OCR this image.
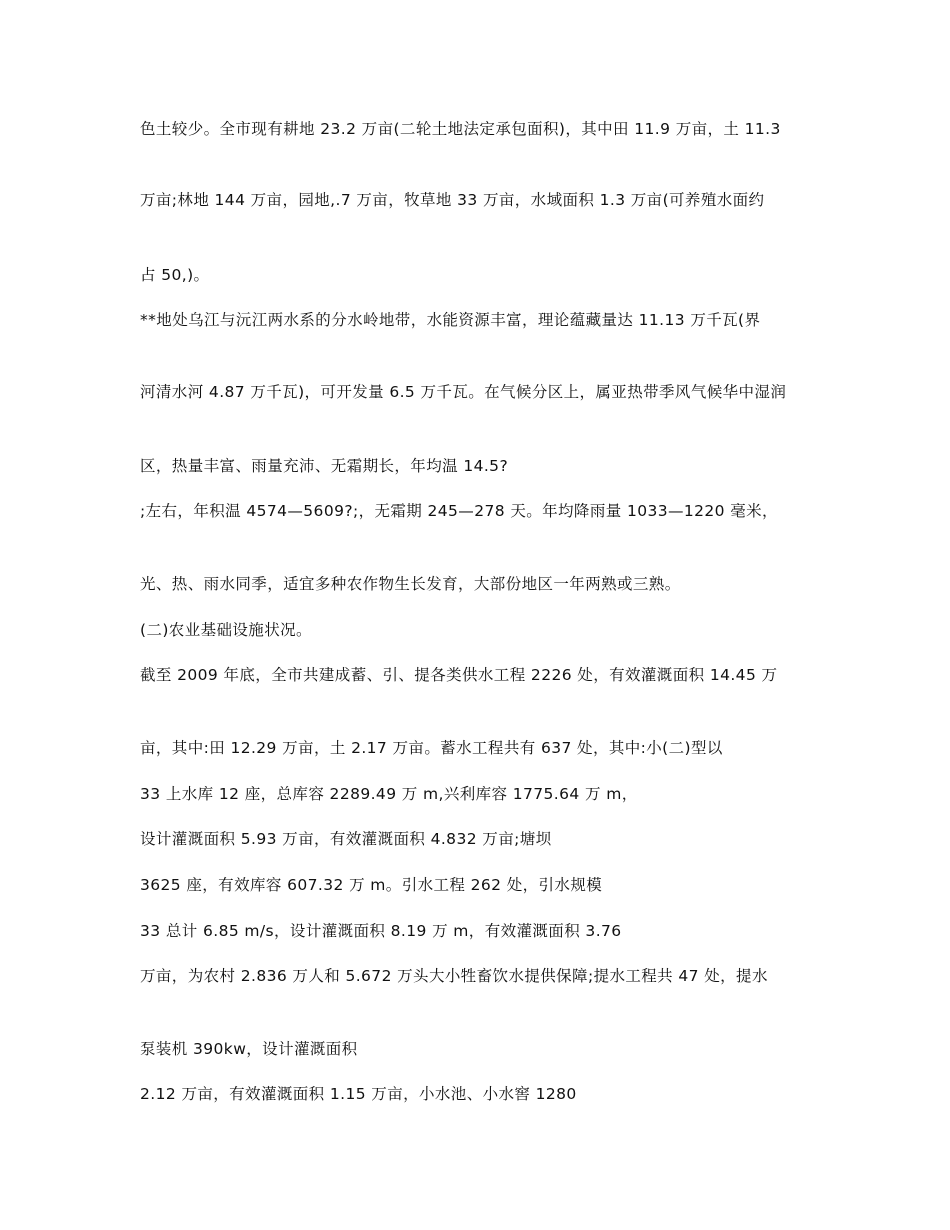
色土较少。全市现有耕地 23.2 万亩(二轮土地法定承包面积)，其中田 11.9 万亩，土 11.3

万亩;林地 144 万亩，园地,.7 万亩，牧草地 33 万亩，水域面积 1.3 万亩(可养殖水面约

占 50,)。

**地处乌江与沅江两水系的分水岭地带，水能资源丰富，理论蕴藏量达 11.13 万千瓦(界

河清水河 4.87 万千瓦)，可开发量 6.5 万千瓦。在气候分区上，属亚热带季风气候华中湿润

区，热量丰富、雨量充沛、无霜期长，年均温 14.5?

;左右，年积温 4574—5609?;，无霜期 245—278 天。年均降雨量 1033—1220 毫米，

光、热、雨水同季，适宜多种农作物生长发育，大部份地区一年两熟或三熟。

(二)农业基础设施状况。

截至 2009 年底，全市共建成蓄、引、提各类供水工程 2226 处，有效灌溉面积 14.45 万

亩，其中:田 12.29 万亩，土 2.17 万亩。蓄水工程共有 637 处，其中:小(二)型以

33 上水库 12 座，总库容 2289.49 万 m,兴利库容 1775.64 万 m，

设计灌溉面积 5.93 万亩，有效灌溉面积 4.832 万亩;塘坝

3625 座，有效库容 607.32 万 m。引水工程 262 处，引水规模

33 总计 6.85 m/s，设计灌溉面积 8.19 万 m，有效灌溉面积 3.76

万亩，为农村 2.836 万人和 5.672 万头大小牲畜饮水提供保障;提水工程共 47 处，提水

泵装机 390kw，设计灌溉面积

2.12 万亩，有效灌溉面积 1.15 万亩，小水池、小水窖 1280
